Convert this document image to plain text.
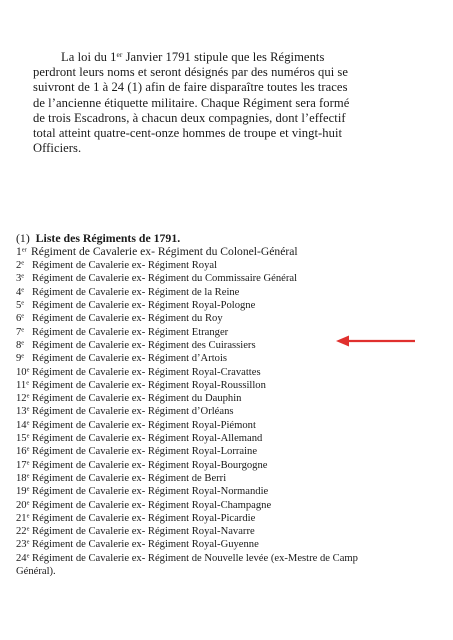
La loi du 1er Janvier 1791 stipule que les Régiments
perdront leurs noms et seront désignés par des numéros qui se
suivront de 1 à 24 (1) afin de faire disparaître toutes les traces
de l’ancienne étiquette militaire. Chaque Régiment sera formé
de trois Escadrons, à chacun deux compagnies, dont l’effectif
total atteint quatre-cent-onze hommes de troupe et vingt-huit
Officiers.
(1) Liste des Régiments de 1791.
1er Régiment de Cavalerie ex- Régiment du Colonel-Général
2e Régiment de Cavalerie ex- Régiment Royal
3e Régiment de Cavalerie ex- Régiment du Commissaire Général
4e Régiment de Cavalerie ex- Régiment de la Reine
5e Régiment de Cavalerie ex- Régiment Royal-Pologne
6e Régiment de Cavalerie ex- Régiment du Roy
7e Régiment de Cavalerie ex- Régiment Etranger
8e Régiment de Cavalerie ex- Régiment des Cuirassiers
9e Régiment de Cavalerie ex- Régiment d’Artois
10e Régiment de Cavalerie ex- Régiment Royal-Cravattes
11e Régiment de Cavalerie ex- Régiment Royal-Roussillon
12e Régiment de Cavalerie ex- Régiment du Dauphin
13e Régiment de Cavalerie ex- Régiment d’Orléans
14e Régiment de Cavalerie ex- Régiment Royal-Piémont
15e Régiment de Cavalerie ex- Régiment Royal-Allemand
16e Régiment de Cavalerie ex- Régiment Royal-Lorraine
17e Régiment de Cavalerie ex- Régiment Royal-Bourgogne
18e Régiment de Cavalerie ex- Régiment de Berri
19e Régiment de Cavalerie ex- Régiment Royal-Normandie
20e Régiment de Cavalerie ex- Régiment Royal-Champagne
21e Régiment de Cavalerie ex- Régiment Royal-Picardie
22e Régiment de Cavalerie ex- Régiment Royal-Navarre
23e Régiment de Cavalerie ex- Régiment Royal-Guyenne
24e Régiment de Cavalerie ex- Régiment de Nouvelle levée (ex-Mestre de Camp
Général).
